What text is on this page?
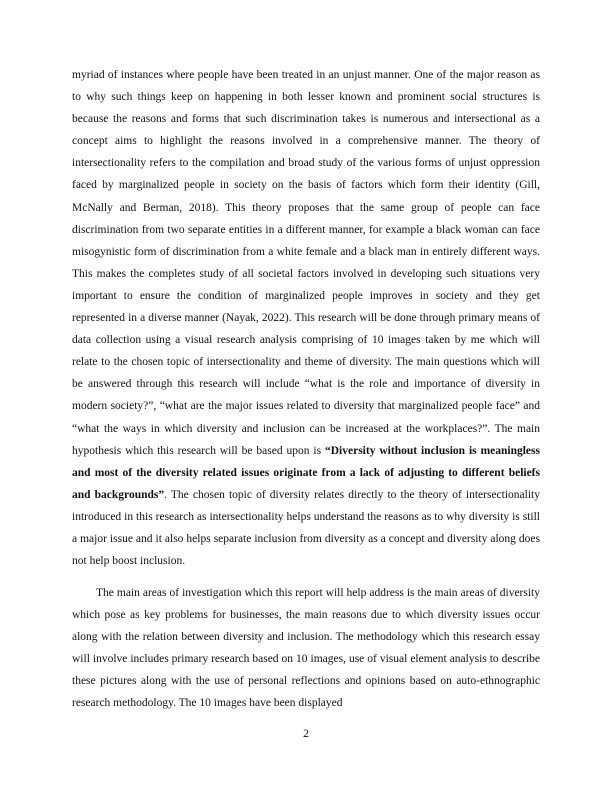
myriad of instances where people have been treated in an unjust manner. One of the major reason as to why such things keep on happening in both lesser known and prominent social structures is because the reasons and forms that such discrimination takes is numerous and intersectional as a concept aims to highlight the reasons involved in a comprehensive manner. The theory of intersectionality refers to the compilation and broad study of the various forms of unjust oppression faced by marginalized people in society on the basis of factors which form their identity (Gill, McNally and Berman, 2018). This theory proposes that the same group of people can face discrimination from two separate entities in a different manner, for example a black woman can face misogynistic form of discrimination from a white female and a black man in entirely different ways. This makes the completes study of all societal factors involved in developing such situations very important to ensure the condition of marginalized people improves in society and they get represented in a diverse manner (Nayak, 2022). This research will be done through primary means of data collection using a visual research analysis comprising of 10 images taken by me which will relate to the chosen topic of intersectionality and theme of diversity. The main questions which will be answered through this research will include “what is the role and importance of diversity in modern society?”, “what are the major issues related to diversity that marginalized people face” and “what the ways in which diversity and inclusion can be increased at the workplaces?”. The main hypothesis which this research will be based upon is “Diversity without inclusion is meaningless and most of the diversity related issues originate from a lack of adjusting to different beliefs and backgrounds”. The chosen topic of diversity relates directly to the theory of intersectionality introduced in this research as intersectionality helps understand the reasons as to why diversity is still a major issue and it also helps separate inclusion from diversity as a concept and diversity along does not help boost inclusion.

The main areas of investigation which this report will help address is the main areas of diversity which pose as key problems for businesses, the main reasons due to which diversity issues occur along with the relation between diversity and inclusion. The methodology which this research essay will involve includes primary research based on 10 images, use of visual element analysis to describe these pictures along with the use of personal reflections and opinions based on auto-ethnographic research methodology. The 10 images have been displayed

2
